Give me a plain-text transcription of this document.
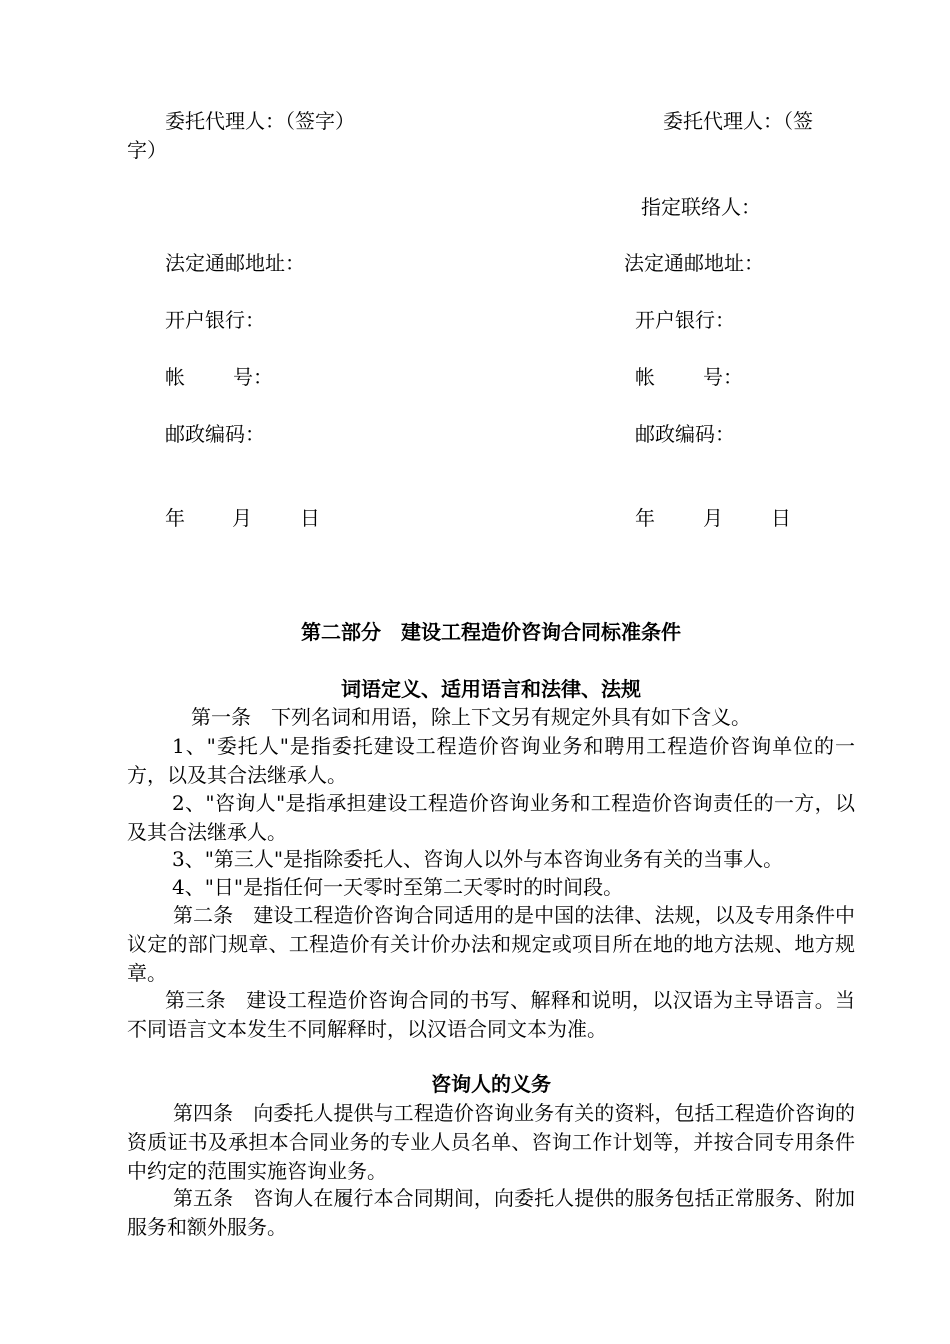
委托代理人：（签字）
法定通邮地址：
开户银行：
帐 号：
邮政编码：
年 月 日
委托代理人：（签
字）
指定联络人：
法定通邮地址：
开户银行：
帐 号：
邮政编码：
年 月 日
第二部分　建设工程造价咨询合同标准条件
词语定义、适用语言和法律、法规
第一条　下列名词和用语，除上下文另有规定外具有如下含义。
1、"委托人"是指委托建设工程造价咨询业务和聘用工程造价咨询单位的一方，以及其合法继承人。
2、"咨询人"是指承担建设工程造价咨询业务和工程造价咨询责任的一方，以及其合法继承人。
3、"第三人"是指除委托人、咨询人以外与本咨询业务有关的当事人。
4、"日"是指任何一天零时至第二天零时的时间段。
第二条　建设工程造价咨询合同适用的是中国的法律、法规，以及专用条件中议定的部门规章、工程造价有关计价办法和规定或项目所在地的地方法规、地方规章。
第三条　建设工程造价咨询合同的书写、解释和说明，以汉语为主导语言。当不同语言文本发生不同解释时，以汉语合同文本为准。
咨询人的义务
第四条　向委托人提供与工程造价咨询业务有关的资料，包括工程造价咨询的资质证书及承担本合同业务的专业人员名单、咨询工作计划等，并按合同专用条件中约定的范围实施咨询业务。
第五条　咨询人在履行本合同期间，向委托人提供的服务包括正常服务、附加服务和额外服务。
